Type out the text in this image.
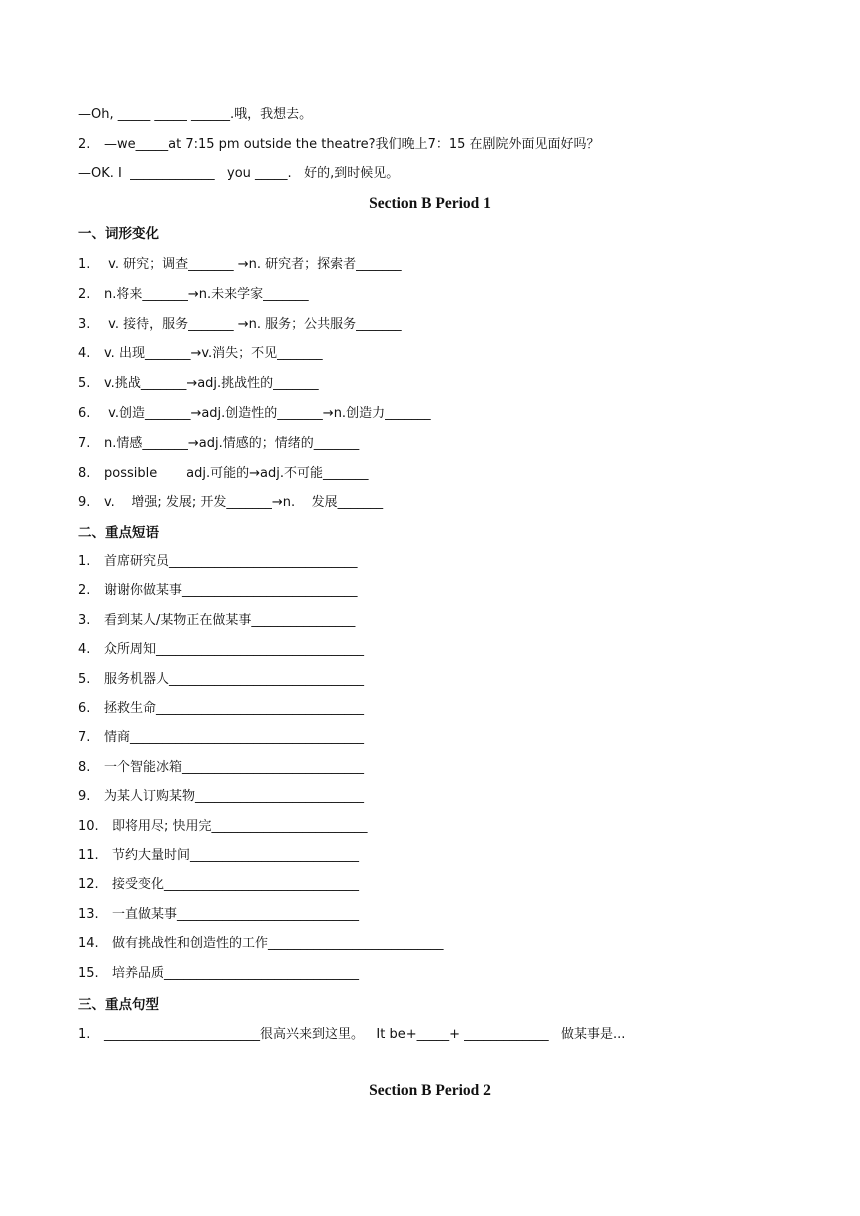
—Oh, _____ _____ ______.哦，我想去。
2. —we_____at 7:15 pm outside the theatre?我们晚上7：15 在剧院外面见面好吗？
—OK. I  _____________   you _____.   好的,到时候见。
Section B Period 1
一、词形变化
1. v. 研究；调查_______ →n. 研究者；探索者_______
2. n.将来_______→n.未来学家_______
3. v. 接待，服务_______ →n. 服务；公共服务_______
4. v. 出现_______→v.消失；不见_______
5. v.挑战_______→adj.挑战性的_______
6. v.创造_______→adj.创造性的_______→n.创造力_______
7. n.情感_______→adj.情感的；情绪的_______
8. possible       adj.可能的→adj.不可能_______
9. v.    增强; 发展; 开发_______→n.    发展_______
二、重点短语
1. 首席研究员_____________________________
2. 谢谢你做某事___________________________
3. 看到某人/某物正在做某事________________
4. 众所周知________________________________
5. 服务机器人______________________________
6. 拯救生命________________________________
7. 情商____________________________________
8. 一个智能冰箱____________________________
9. 为某人订购某物__________________________
10. 即将用尽; 快用完________________________
11. 节约大量时间__________________________
12. 接受变化______________________________
13. 一直做某事____________________________
14. 做有挑战性和创造性的工作___________________________
15. 培养品质______________________________
三、重点句型
1. ________________________很高兴来到这里。   It be+_____+ _____________   做某事是...
Section B Period 2
